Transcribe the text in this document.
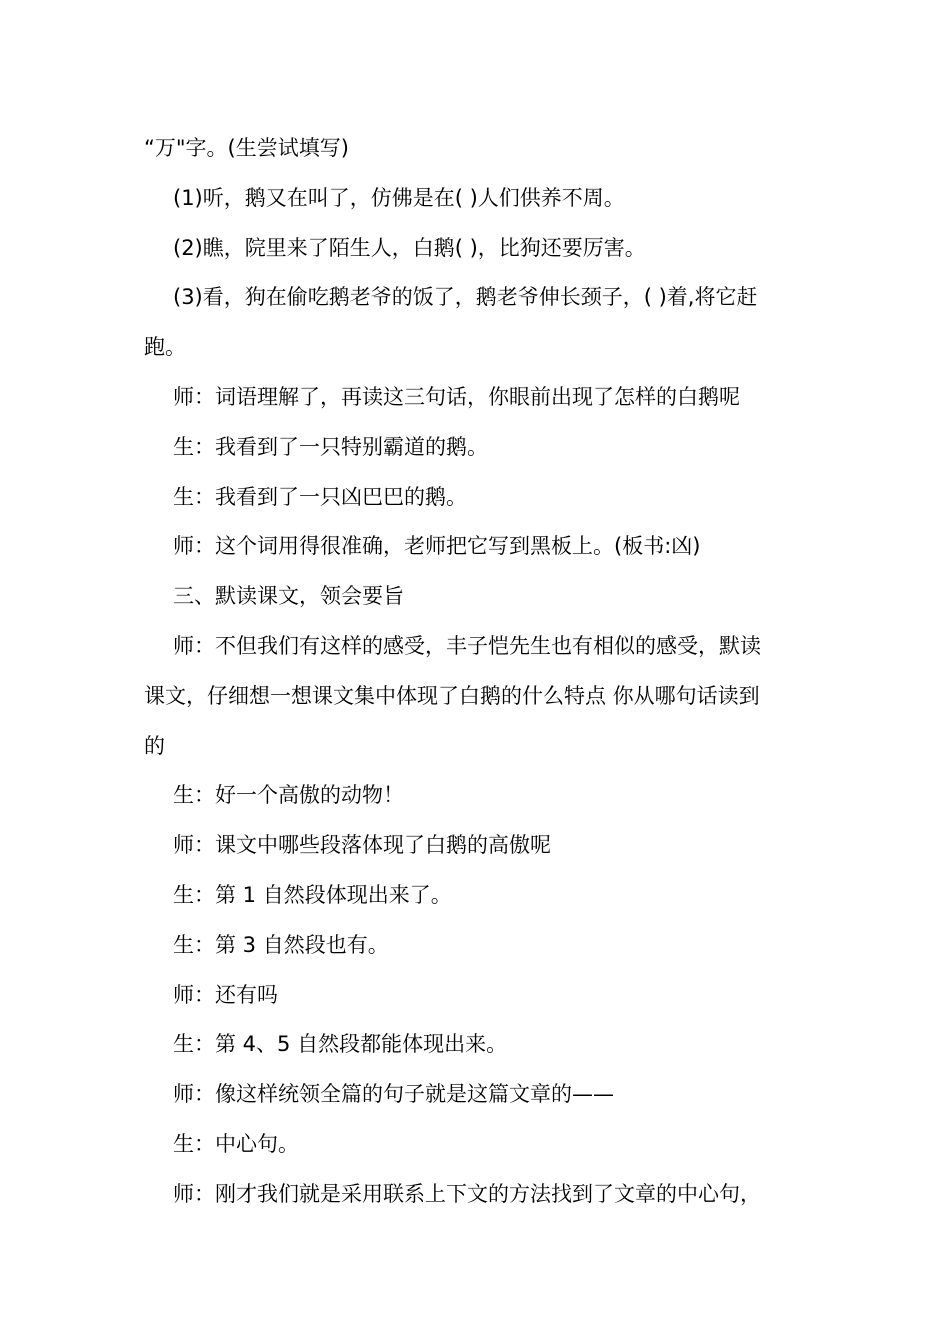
“万"字。(生尝试填写)
(1)听，鹅又在叫了，仿佛是在( )人们供养不周。
(2)瞧，院里来了陌生人，白鹅( )，比狗还要厉害。
(3)看，狗在偷吃鹅老爷的饭了，鹅老爷伸长颈子，( )着,将它赶
跑。
师：词语理解了，再读这三句话，你眼前出现了怎样的白鹅呢
生：我看到了一只特别霸道的鹅。
生：我看到了一只凶巴巴的鹅。
师：这个词用得很准确，老师把它写到黑板上。(板书:凶)
三、默读课文，领会要旨
师：不但我们有这样的感受，丰子恺先生也有相似的感受，默读
课文，仔细想一想课文集中体现了白鹅的什么特点 你从哪句话读到
的
生：好一个高傲的动物！
师：课文中哪些段落体现了白鹅的高傲呢
生：第 1 自然段体现出来了。
生：第 3 自然段也有。
师：还有吗
生：第 4、5 自然段都能体现出来。
师：像这样统领全篇的句子就是这篇文章的——
生：中心句。
师：刚才我们就是采用联系上下文的方法找到了文章的中心句，
